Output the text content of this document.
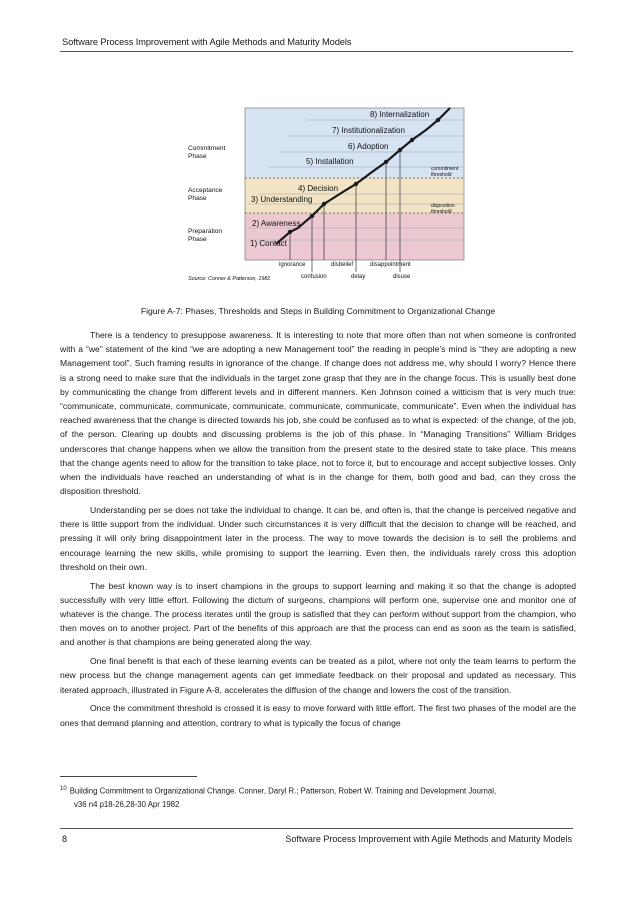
Software Process Improvement with Agile Methods and Maturity Models
Commitment Phase
Acceptance Phase
Preparation Phase
8) Internalization
7) Institutionalization
6) Adoption
5) Installation
4) Decision
3) Understanding
2) Awareness
1) Contact
commitment threshold
disposition threshold
ignorance
confusion
disbelief
delay
disappointment
disuse
Source: Conner & Patterson, 1982
Figure A-7: Phases, Thresholds and Steps in Building Commitment to Organizational Change

There is a tendency to presuppose awareness. It is interesting to note that more often than not when someone is confronted with a “we” statement of the kind “we are adopting a new Management tool” the reading in people’s mind is “they are adopting a new Management tool”. Such framing results in ignorance of the change. If change does not address me, why should I worry? Hence there is a strong need to make sure that the individuals in the target zone grasp that they are in the change focus. This is usually best done by communicating the change from different levels and in different manners. Ken Johnson coined a witticism that is very much true: “communicate, communicate, communicate, communicate, communicate, communicate, communicate”. Even when the individual has reached awareness that the change is directed towards his job, she could be confused as to what is expected: of the change, of the job, of the person. Clearing up doubts and discussing problems is the job of this phase. In “Managing Transitions” William Bridges underscores that change happens when we allow the transition from the present state to the desired state to take place. This means that the change agents need to allow for the transition to take place, not to force it, but to encourage and accept subjective losses. Only when the individuals have reached an understanding of what is in the change for them, both good and bad, can they cross the disposition threshold.

Understanding per se does not take the individual to change. It can be, and often is, that the change is perceived negative and there is little support from the individual. Under such circumstances it is very difficult that the decision to change will be reached, and pressing it will only bring disappointment later in the process. The way to move towards the decision is to sell the problems and encourage learning the new skills, while promising to support the learning. Even then, the individuals rarely cross this adoption threshold on their own.

The best known way is to insert champions in the groups to support learning and making it so that the change is adopted successfully with very little effort. Following the dictum of surgeons, champions will perform one, supervise one and monitor one of whatever is the change. The process iterates until the group is satisfied that they can perform without support from the champion, who then moves on to another project. Part of the benefits of this approach are that the process can end as soon as the team is satisfied, and another is that champions are being generated along the way.

One final benefit is that each of these learning events can be treated as a pilot, where not only the team learns to perform the new process but the change management agents can get immediate feedback on their proposal and updated as necessary. This iterated approach, illustrated in Figure A-8, accelerates the diffusion of the change and lowers the cost of the transition.

Once the commitment threshold is crossed it is easy to move forward with little effort. The first two phases of the model are the ones that demand planning and attention, contrary to what is typically the focus of change

$^{10}$ Building Commitment to Organizational Change. Conner, Daryl R.; Patterson, Robert W. Training and Development Journal,
v36 n4 p18-26,28-30 Apr 1982
8	Software Process Improvement with Agile Methods and Maturity Models
